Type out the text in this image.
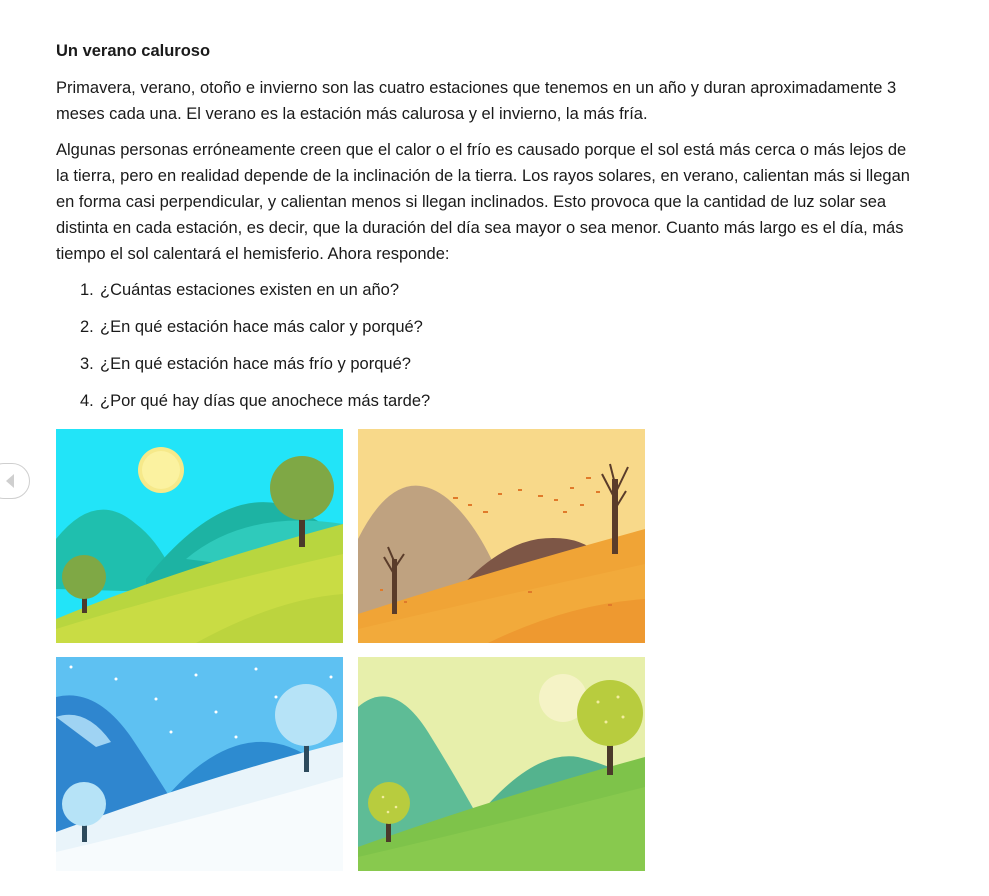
Un verano caluroso

Primavera, verano, otoño e invierno son las cuatro estaciones que tenemos en un año y duran aproximadamente 3 meses cada una. El verano es la estación más calurosa y el invierno, la más fría.

Algunas personas erróneamente creen que el calor o el frío es causado porque el sol está más cerca o más lejos de la tierra, pero en realidad depende de la inclinación de la tierra. Los rayos solares, en verano, calientan más si llegan en forma casi perpendicular, y calientan menos si llegan inclinados. Esto provoca que la cantidad de luz solar sea distinta en cada estación, es decir, que la duración del día sea mayor o sea menor. Cuanto más largo es el día, más tiempo el sol calentará el hemisferio. Ahora responde:

1. ¿Cuántas estaciones existen en un año?
2. ¿En qué estación hace más calor y porqué?
3. ¿En qué estación hace más frío y porqué?
4. ¿Por qué hay días que anochece más tarde?
